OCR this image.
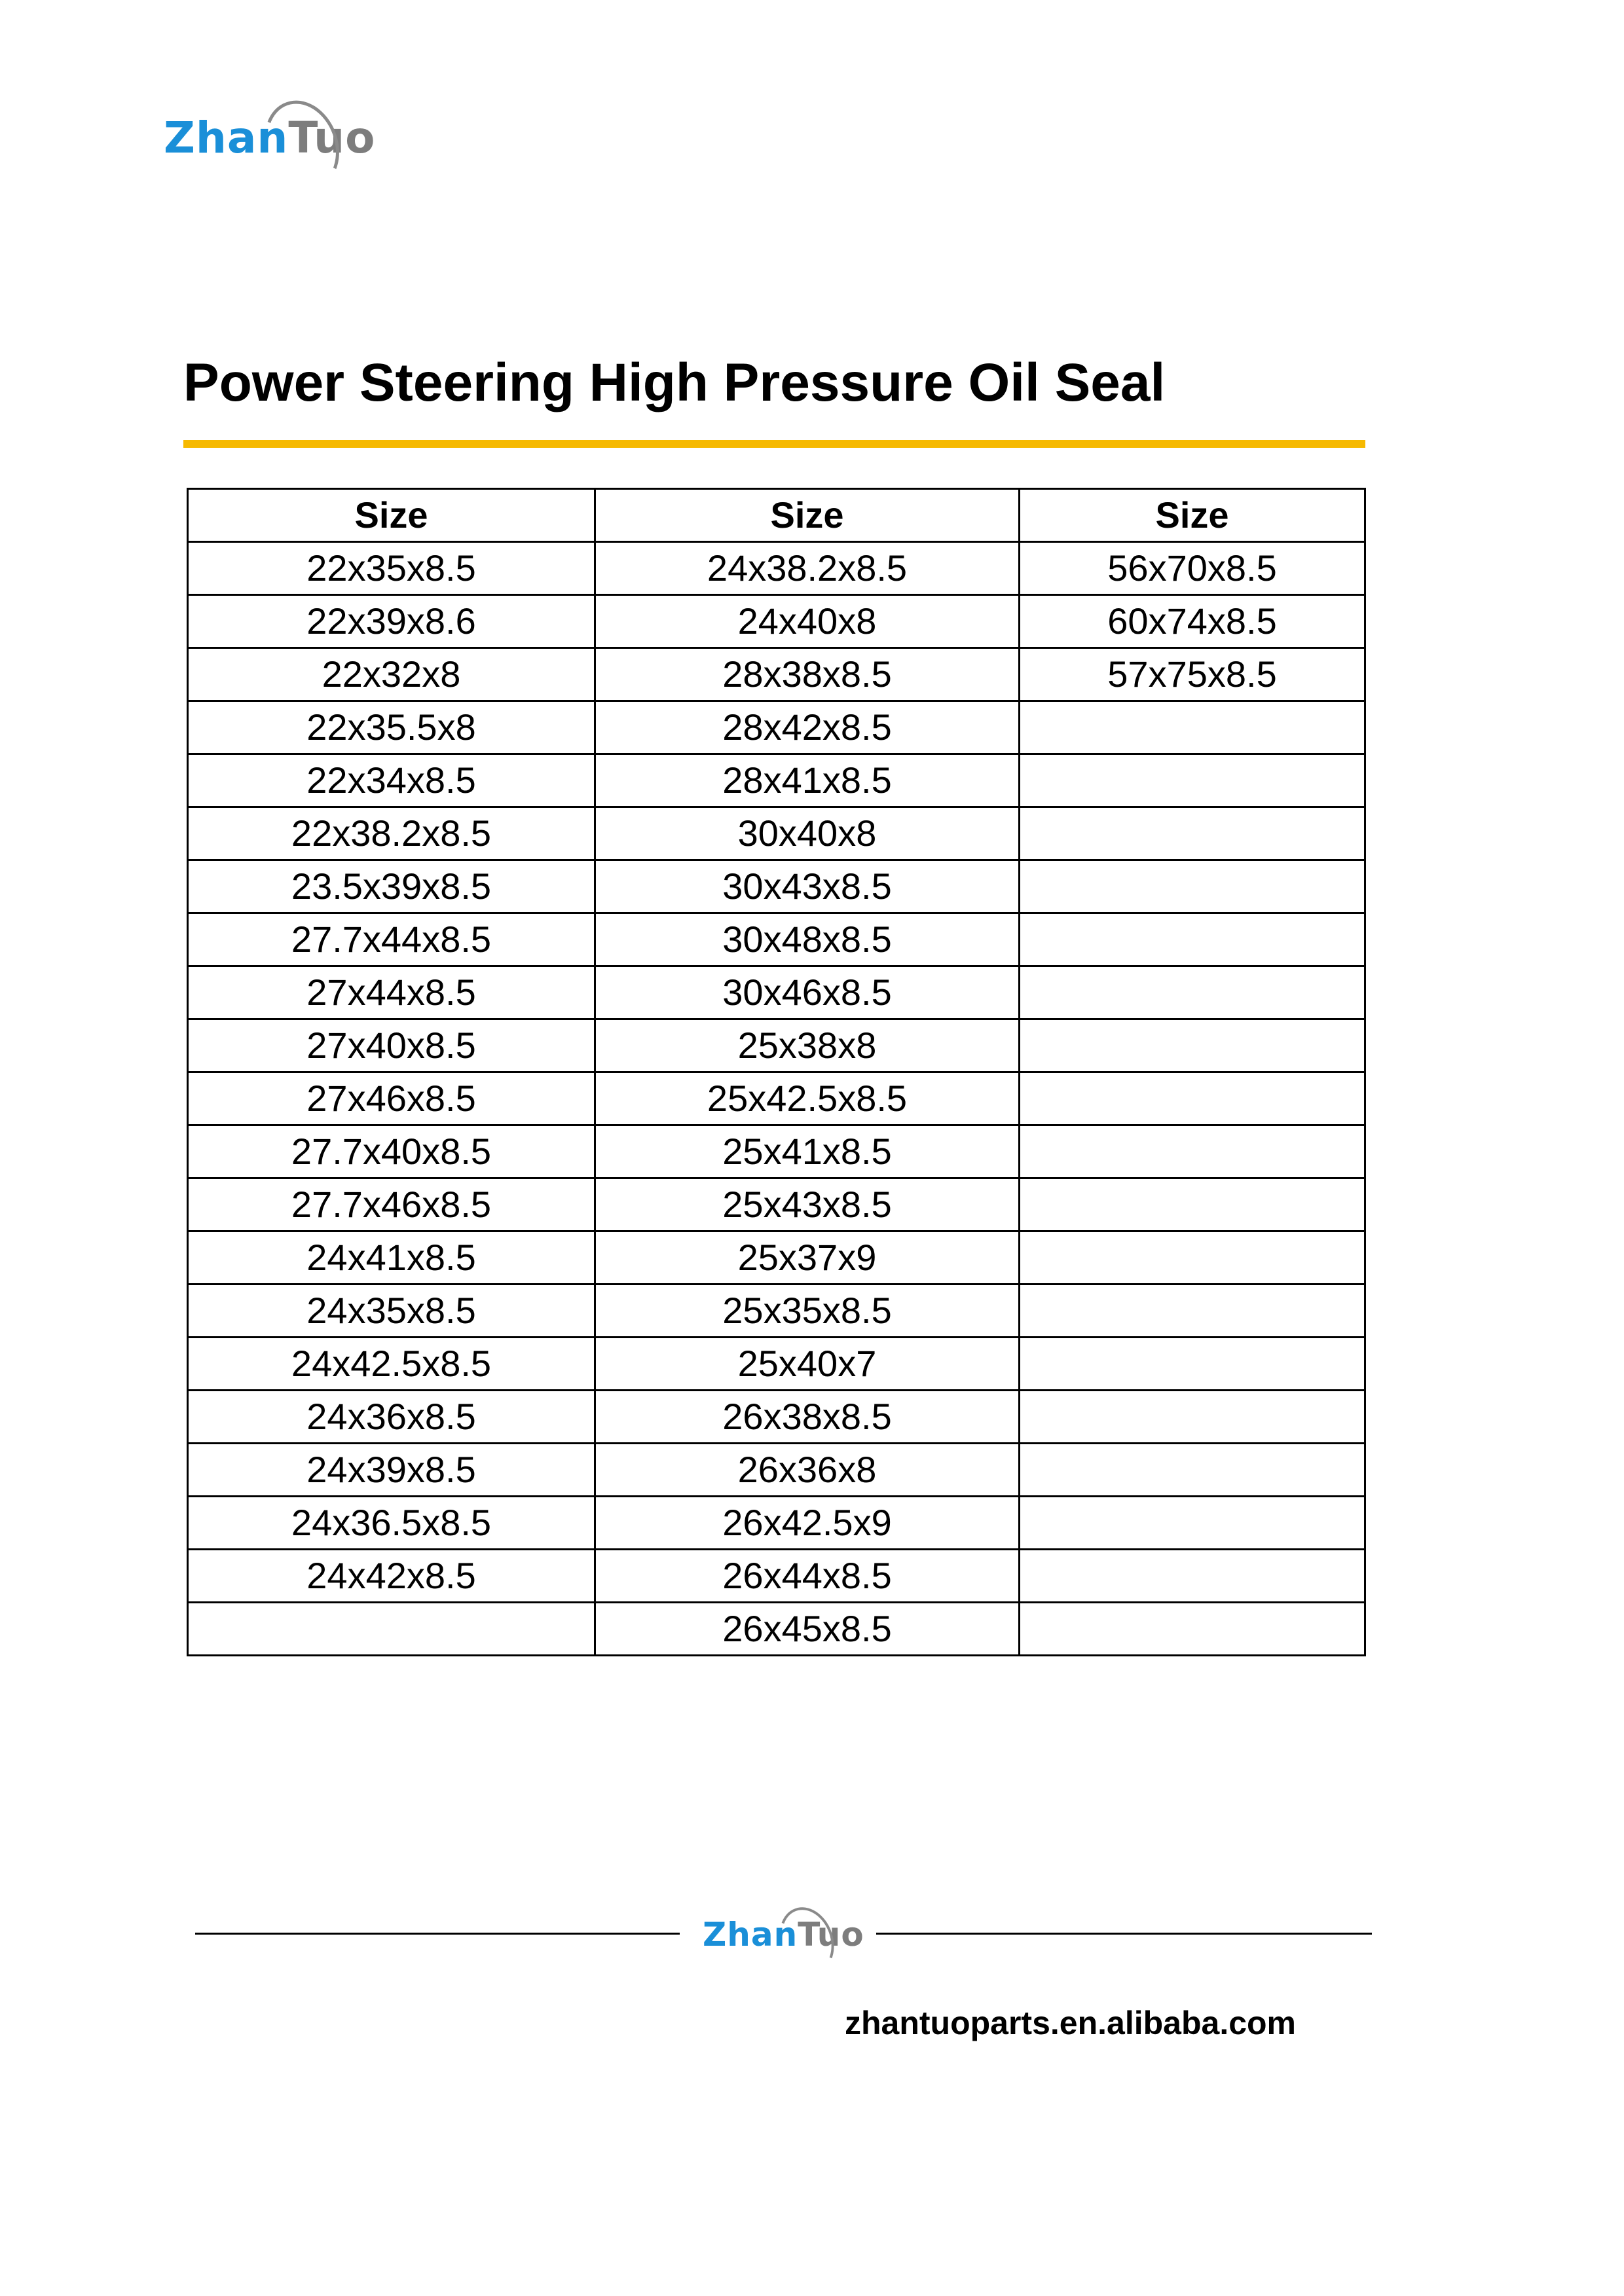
Zhan Tuo
Power Steering High Pressure Oil Seal
Size	Size	Size
22x35x8.5	24x38.2x8.5	56x70x8.5
22x39x8.6	24x40x8	60x74x8.5
22x32x8	28x38x8.5	57x75x8.5
22x35.5x8	28x42x8.5	
22x34x8.5	28x41x8.5	
22x38.2x8.5	30x40x8	
23.5x39x8.5	30x43x8.5	
27.7x44x8.5	30x48x8.5	
27x44x8.5	30x46x8.5	
27x40x8.5	25x38x8	
27x46x8.5	25x42.5x8.5	
27.7x40x8.5	25x41x8.5	
27.7x46x8.5	25x43x8.5	
24x41x8.5	25x37x9	
24x35x8.5	25x35x8.5	
24x42.5x8.5	25x40x7	
24x36x8.5	26x38x8.5	
24x39x8.5	26x36x8	
24x36.5x8.5	26x42.5x9	
24x42x8.5	26x44x8.5	
	26x45x8.5	
Zhan Tuo
zhantuoparts.en.alibaba.com
